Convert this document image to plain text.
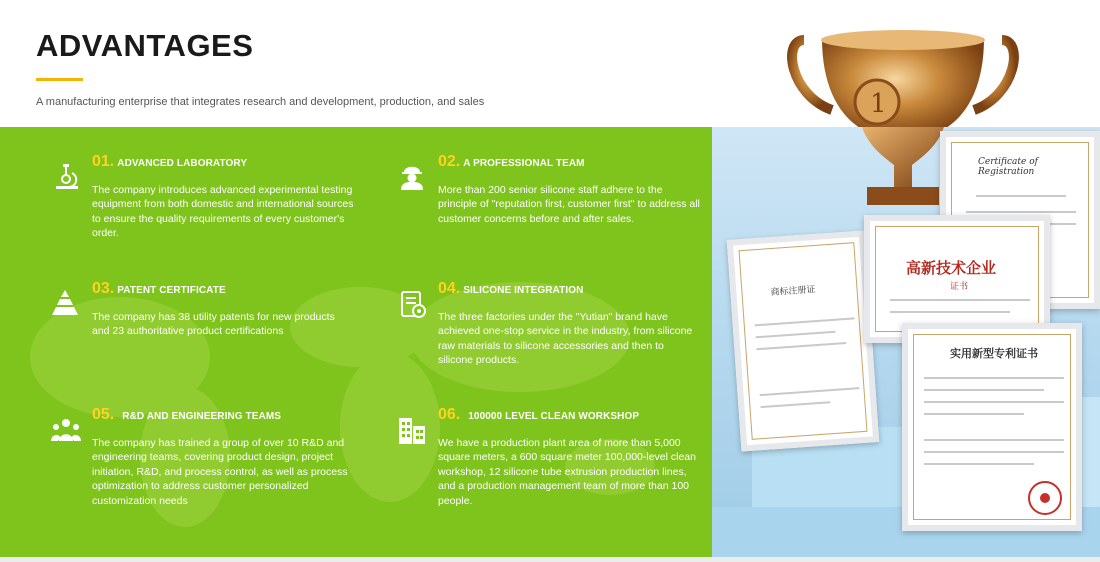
ADVANTAGES

A manufacturing enterprise that integrates research and development, production, and sales	1
01. ADVANCED LABORATORY

The company introduces advanced experimental testing equipment from both domestic and international sources to ensure the quality requirements of every customer's order.

02. A PROFESSIONAL TEAM

More than 200 senior silicone staff adhere to the principle of "reputation first, customer first" to address all customer concerns before and after sales.

03. PATENT CERTIFICATE

The company has 38 utility patents for new products and 23 authoritative product certifications

04. SILICONE INTEGRATION

The three factories under the "Yutian" brand have achieved one-stop service in the industry, from silicone raw materials to silicone accessories and then to silicone products.

05. R&D AND ENGINEERING TEAMS

The company has trained a group of over 10 R&D and engineering teams, covering product design, project initiation, R&D, and process control, as well as process optimization to address customer personalized customization needs

06. 100000 LEVEL CLEAN WORKSHOP

We have a production plant area of more than 5,000 square meters, a 600 square meter 100,000-level clean workshop, 12 silicone tube extrusion production lines, and a production management team of more than 100 people.

商标注册证
Certificate of Registration
高新技术企业
证书
实用新型专利证书
